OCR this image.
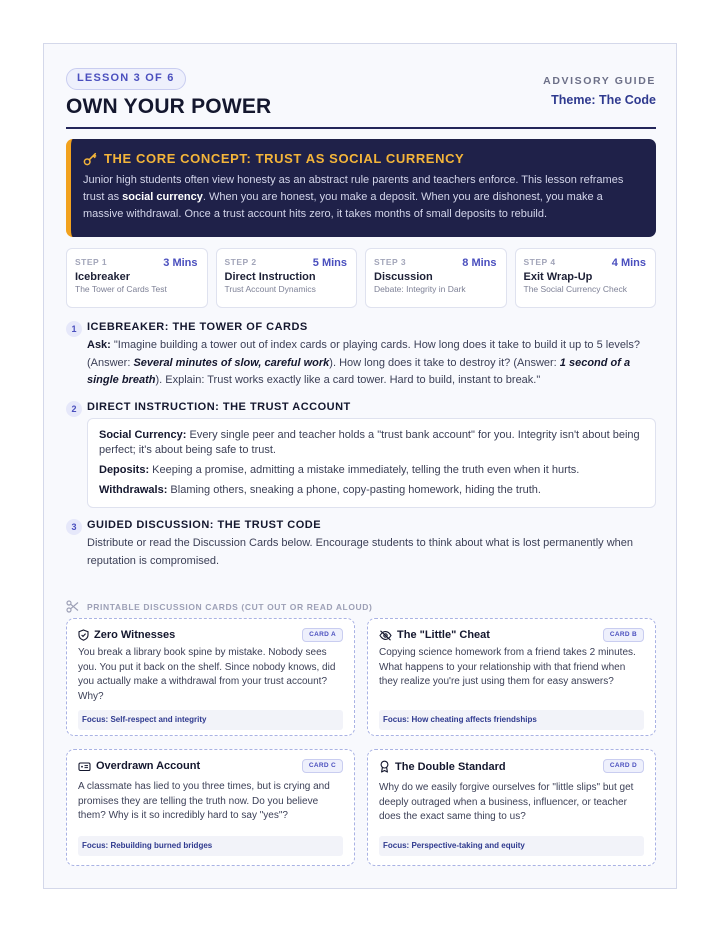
LESSON 3 OF 6
OWN YOUR POWER
ADVISORY GUIDE
Theme: The Code
THE CORE CONCEPT: TRUST AS SOCIAL CURRENCY
Junior high students often view honesty as an abstract rule parents and teachers enforce. This lesson reframes trust as social currency. When you are honest, you make a deposit. When you are dishonest, you make a massive withdrawal. Once a trust account hits zero, it takes months of small deposits to rebuild.
STEP 1	3 Mins
Icebreaker
The Tower of Cards Test
STEP 2	5 Mins
Direct Instruction
Trust Account Dynamics
STEP 3	8 Mins
Discussion
Debate: Integrity in Dark
STEP 4	4 Mins
Exit Wrap-Up
The Social Currency Check
1 ICEBREAKER: THE TOWER OF CARDS
Ask: "Imagine building a tower out of index cards or playing cards. How long does it take to build it up to 5 levels? (Answer: Several minutes of slow, careful work). How long does it take to destroy it? (Answer: 1 second of a single breath). Explain: Trust works exactly like a card tower. Hard to build, instant to break."
2 DIRECT INSTRUCTION: THE TRUST ACCOUNT

Social Currency: Every single peer and teacher holds a "trust bank account" for you. Integrity isn't about being perfect; it's about being safe to trust.

Deposits: Keeping a promise, admitting a mistake immediately, telling the truth even when it hurts.

Withdrawals: Blaming others, sneaking a phone, copy-pasting homework, hiding the truth.

3 GUIDED DISCUSSION: THE TRUST CODE
Distribute or read the Discussion Cards below. Encourage students to think about what is lost permanently when reputation is compromised.
PRINTABLE DISCUSSION CARDS (CUT OUT OR READ ALOUD)
CARD A
Zero Witnesses
You break a library book spine by mistake. Nobody sees you. You put it back on the shelf. Since nobody knows, did you actually make a withdrawal from your trust account? Why?
Focus: Self-respect and integrity
CARD B
The "Little" Cheat
Copying science homework from a friend takes 2 minutes. What happens to your relationship with that friend when they realize you're just using them for easy answers?
Focus: How cheating affects friendships
CARD C
Overdrawn Account
A classmate has lied to you three times, but is crying and promises they are telling the truth now. Do you believe them? Why is it so incredibly hard to say "yes"?
Focus: Rebuilding burned bridges
CARD D
The Double Standard
Why do we easily forgive ourselves for "little slips" but get deeply outraged when a business, influencer, or teacher does the exact same thing to us?
Focus: Perspective-taking and equity
